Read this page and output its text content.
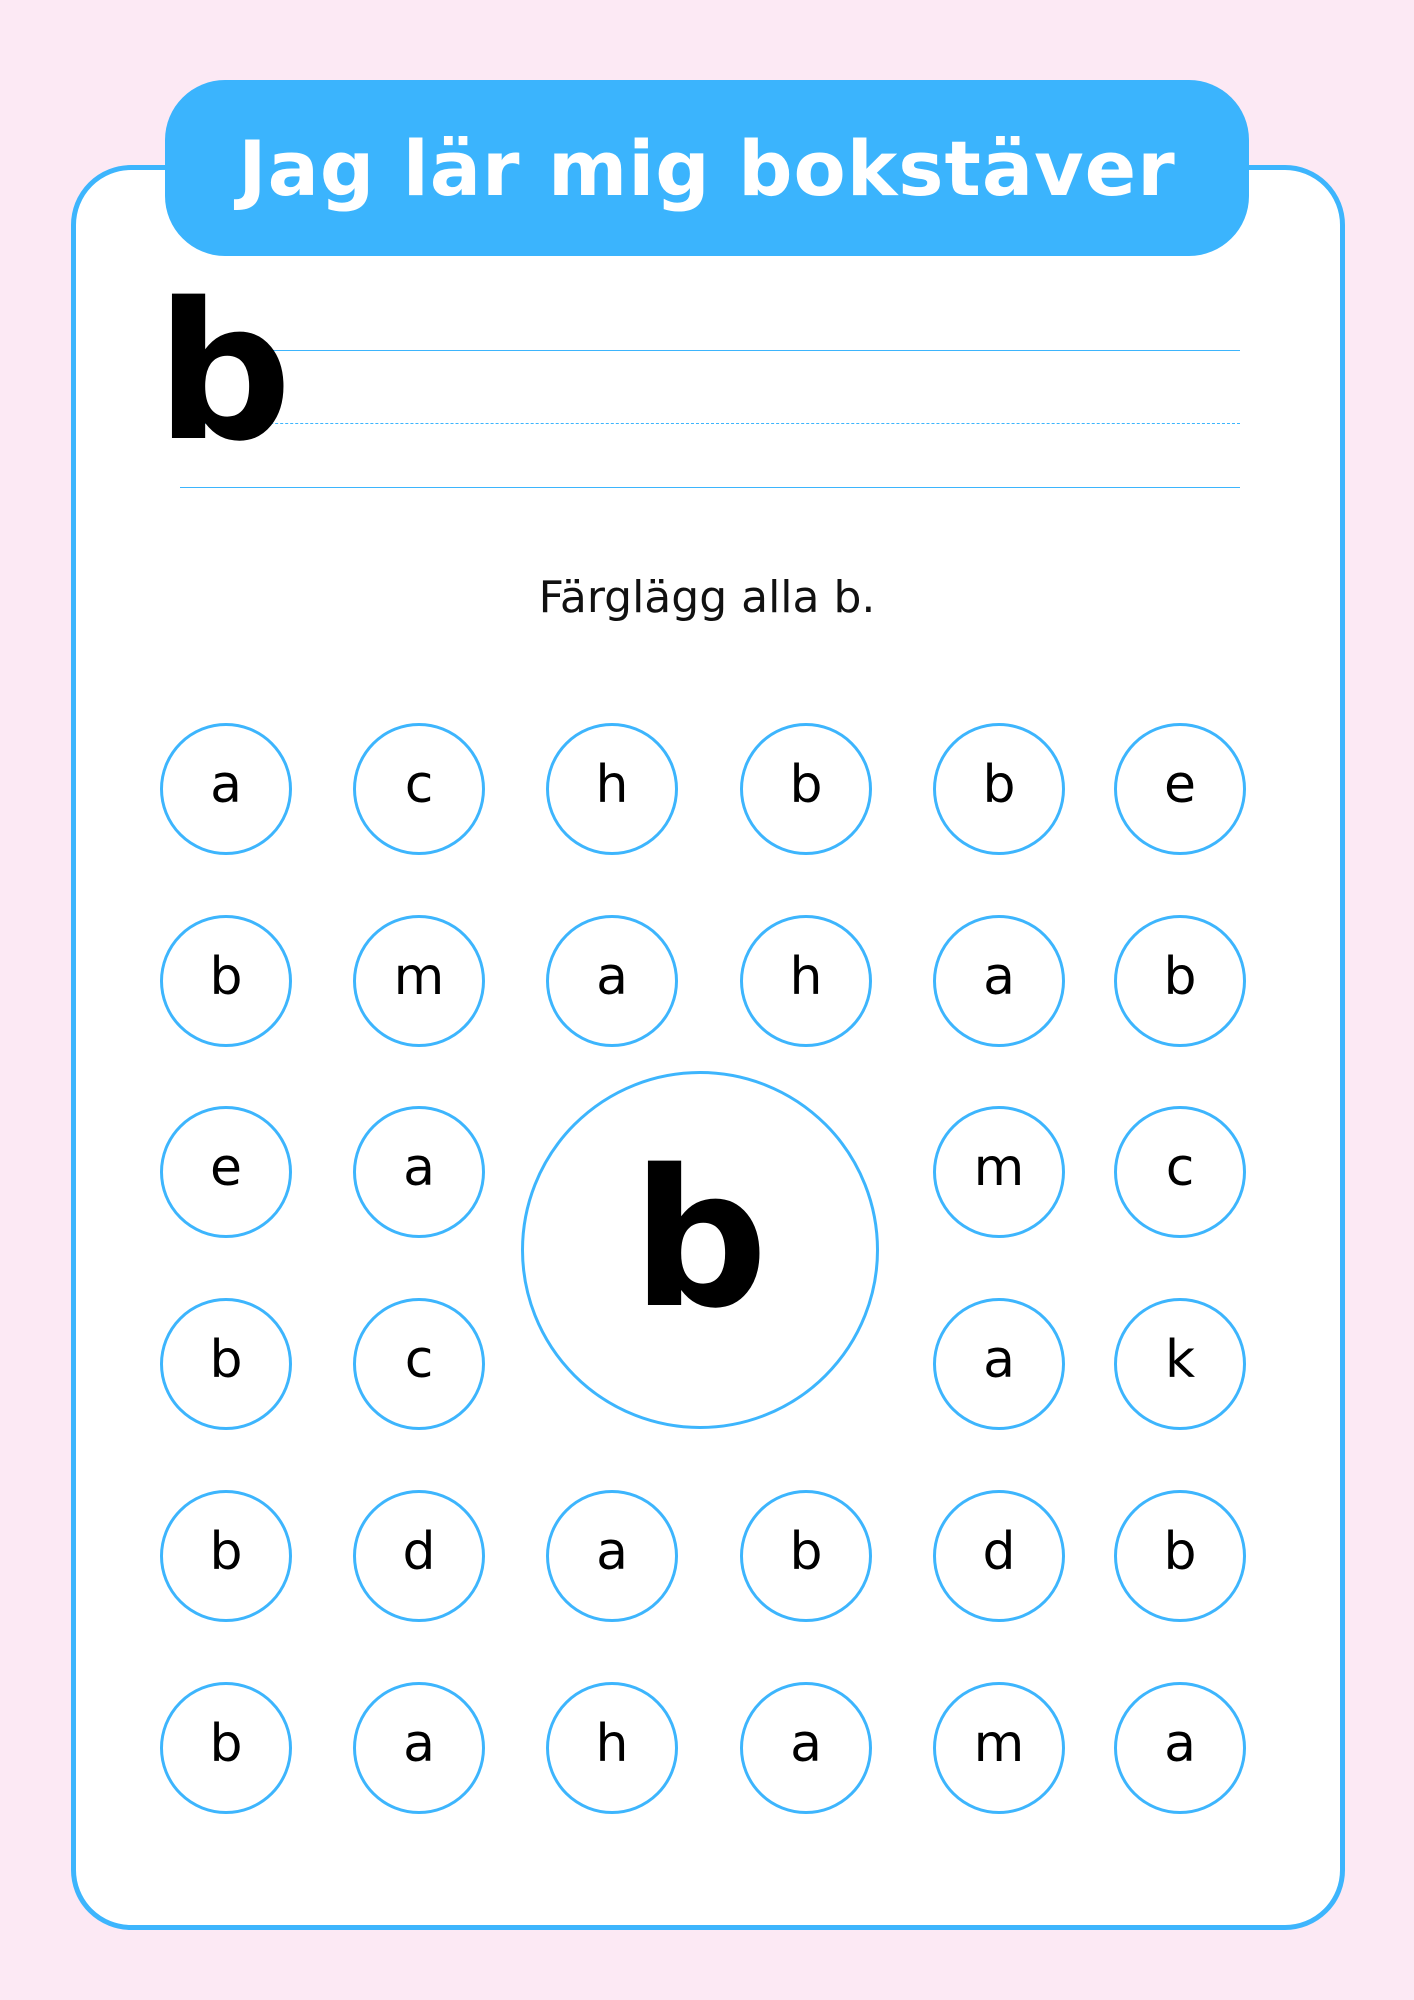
Jag lär mig bokstäver
b
Färglägg alla b.
a	c	h	b	b	e
b	m	a	h	a	b
e	a	m	c
b	c	a	k
b	d	a	b	d	b
b	a	h	a	m	a
b
